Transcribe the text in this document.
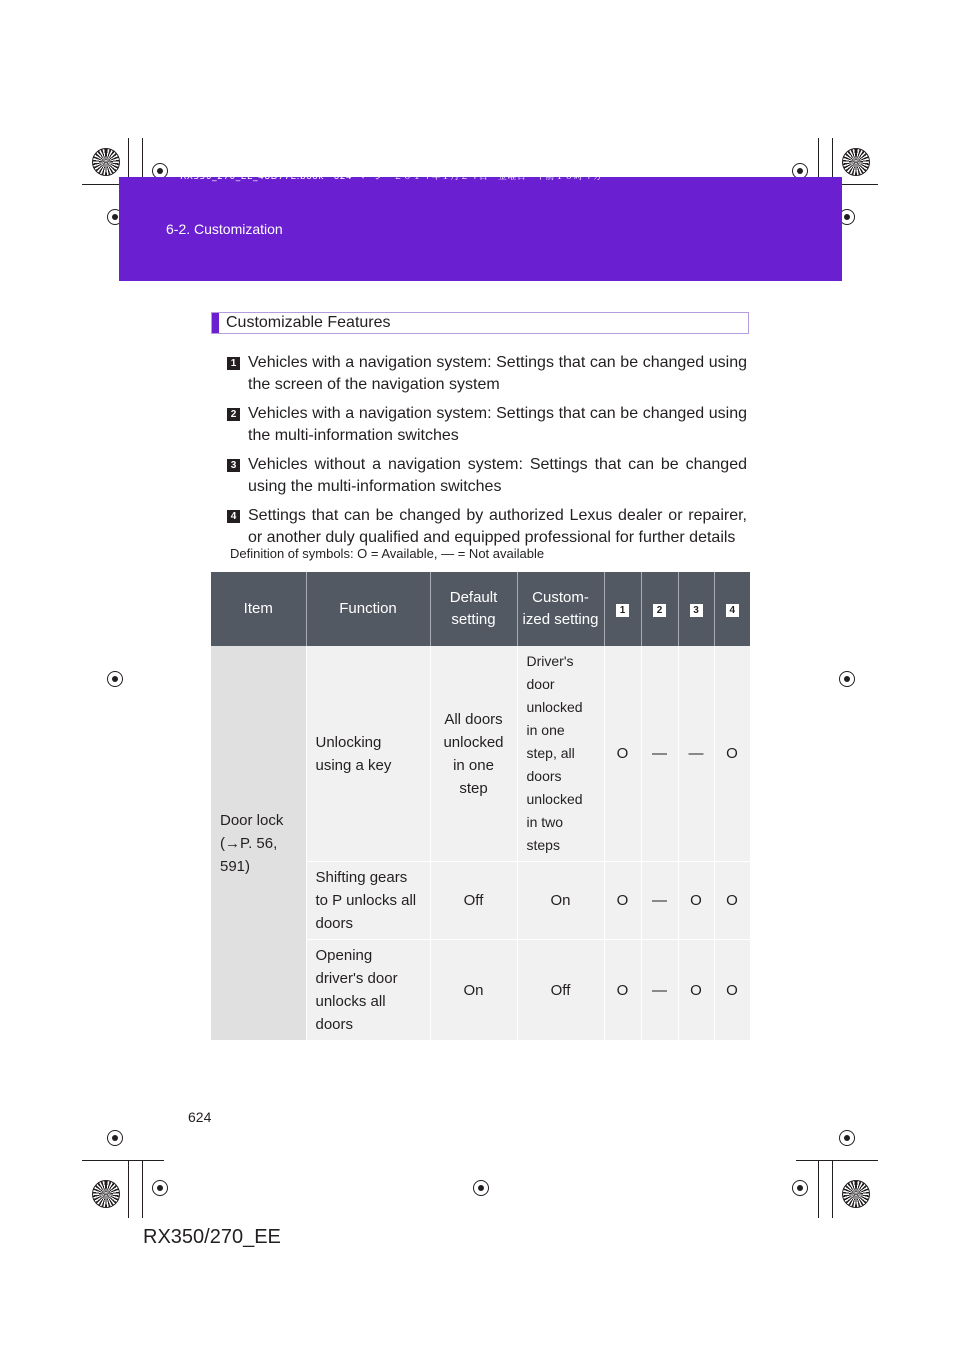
RX350_270_EE_48D77E.book　624 ページ　２０１４年１月２４日　金曜日　午前１０時４分
6-2. Customization
Customizable Features
1 Vehicles with a navigation system: Settings that can be changed using the screen of the navigation system
2 Vehicles with a navigation system: Settings that can be changed using the multi-information switches
3 Vehicles without a navigation system: Settings that can be changed using the multi-information switches
4 Settings that can be changed by authorized Lexus dealer or repairer, or another duly qualified and equipped professional for further details
Definition of symbols: O = Available, — = Not available
Item	Function	Default setting	Custom-ized setting	1	2	3	4
Door lock (→P. 56, 591)	Unlocking using a key	All doors unlocked in one step	Driver's door unlocked in one step, all doors unlocked in two steps	O	—	—	O
	Shifting gears to P unlocks all doors	Off	On	O	—	O	O
	Opening driver's door unlocks all doors	On	Off	O	—	O	O
624
RX350/270_EE
